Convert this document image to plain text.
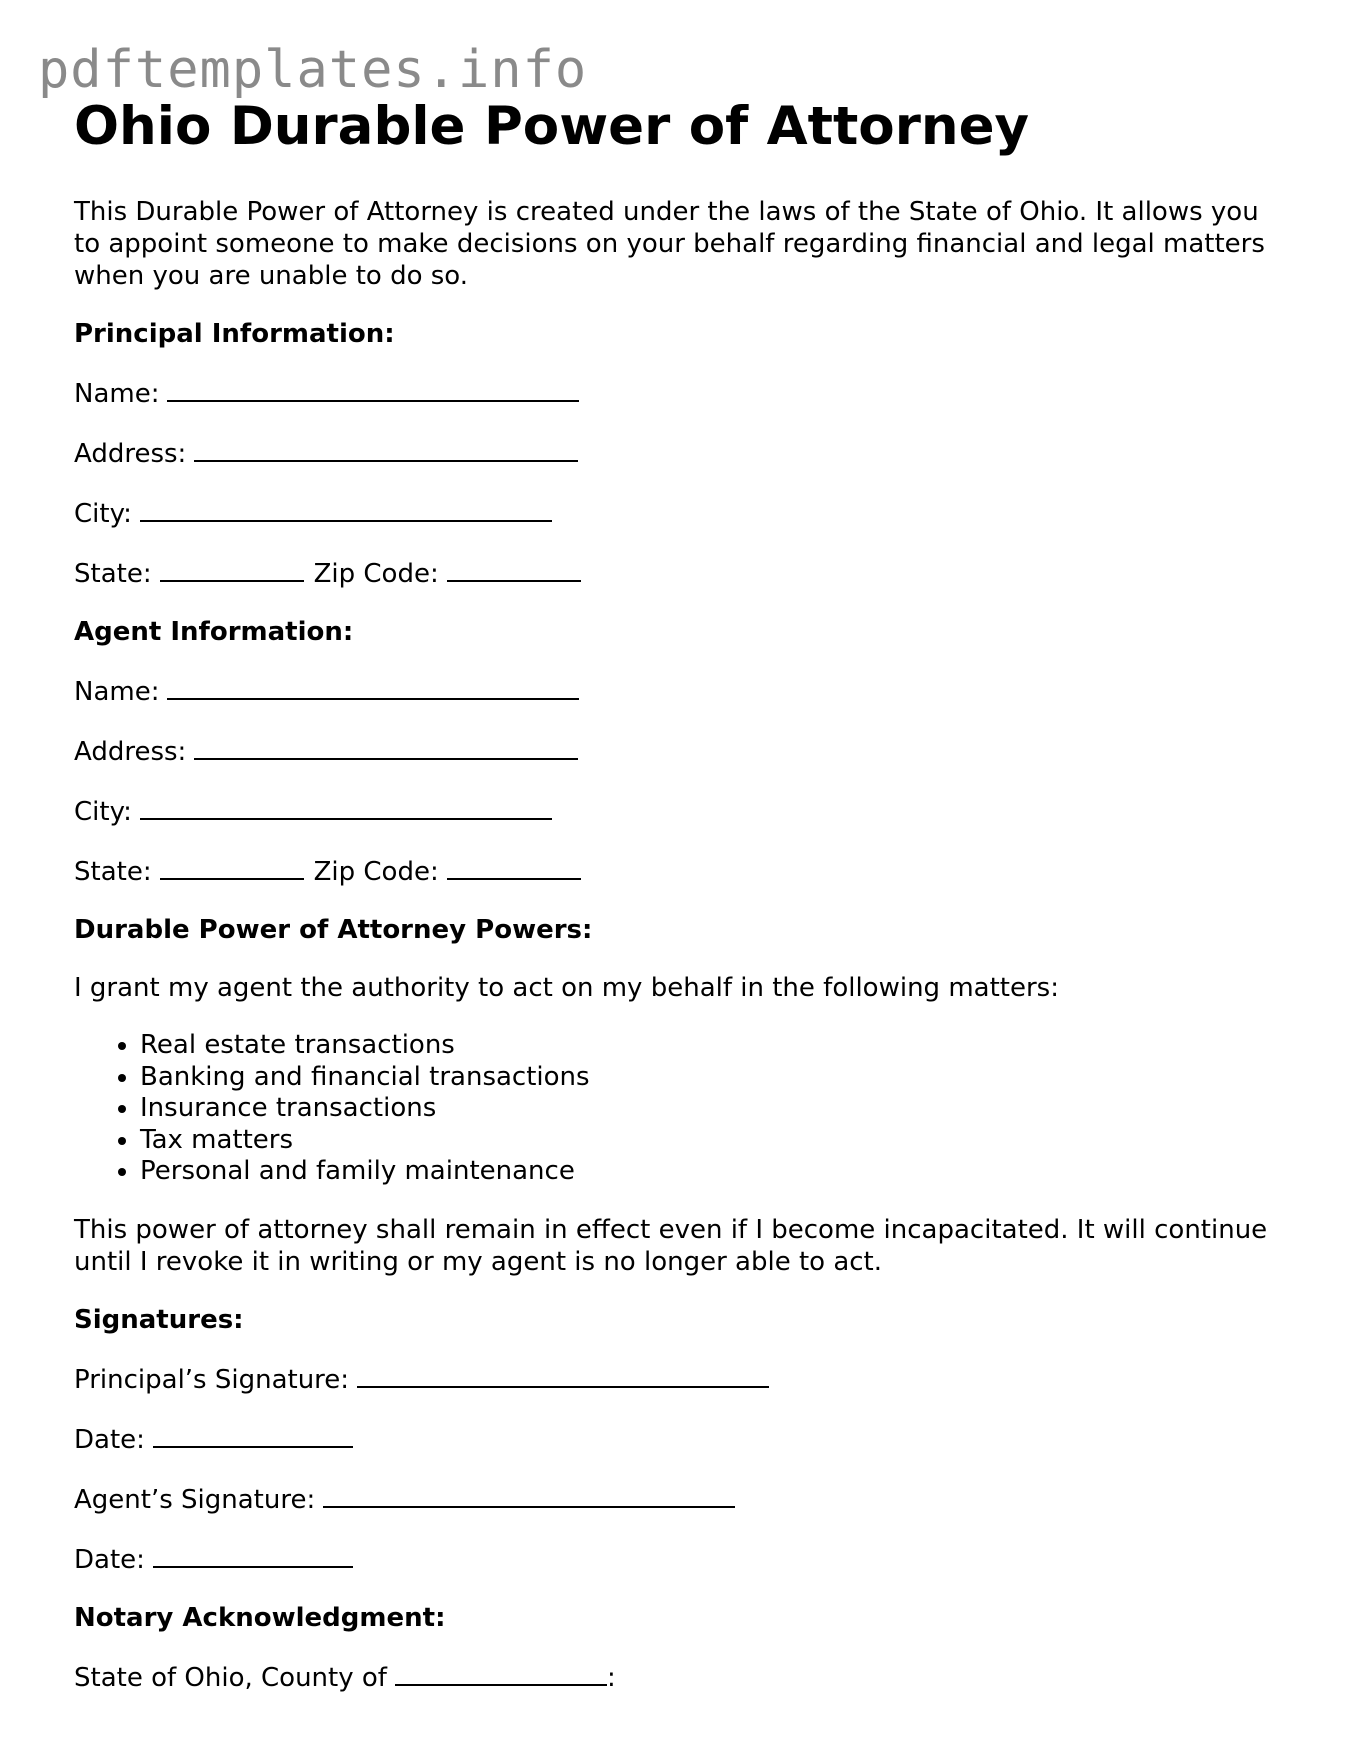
pdftemplates.info
Ohio Durable Power of Attorney

This Durable Power of Attorney is created under the laws of the State of Ohio. It allows you to appoint someone to make decisions on your behalf regarding financial and legal matters when you are unable to do so.

Principal Information:
Name:
Address:
City:
State:	Zip Code:
Agent Information:
Name:
Address:
City:
State:	Zip Code:
Durable Power of Attorney Powers:

I grant my agent the authority to act on my behalf in the following matters:

• Real estate transactions
• Banking and financial transactions
• Insurance transactions
• Tax matters
• Personal and family maintenance

This power of attorney shall remain in effect even if I become incapacitated. It will continue until I revoke it in writing or my agent is no longer able to act.

Signatures:
Principal’s Signature:
Date:
Agent’s Signature:
Date:
Notary Acknowledgment:
State of Ohio, County of	:
